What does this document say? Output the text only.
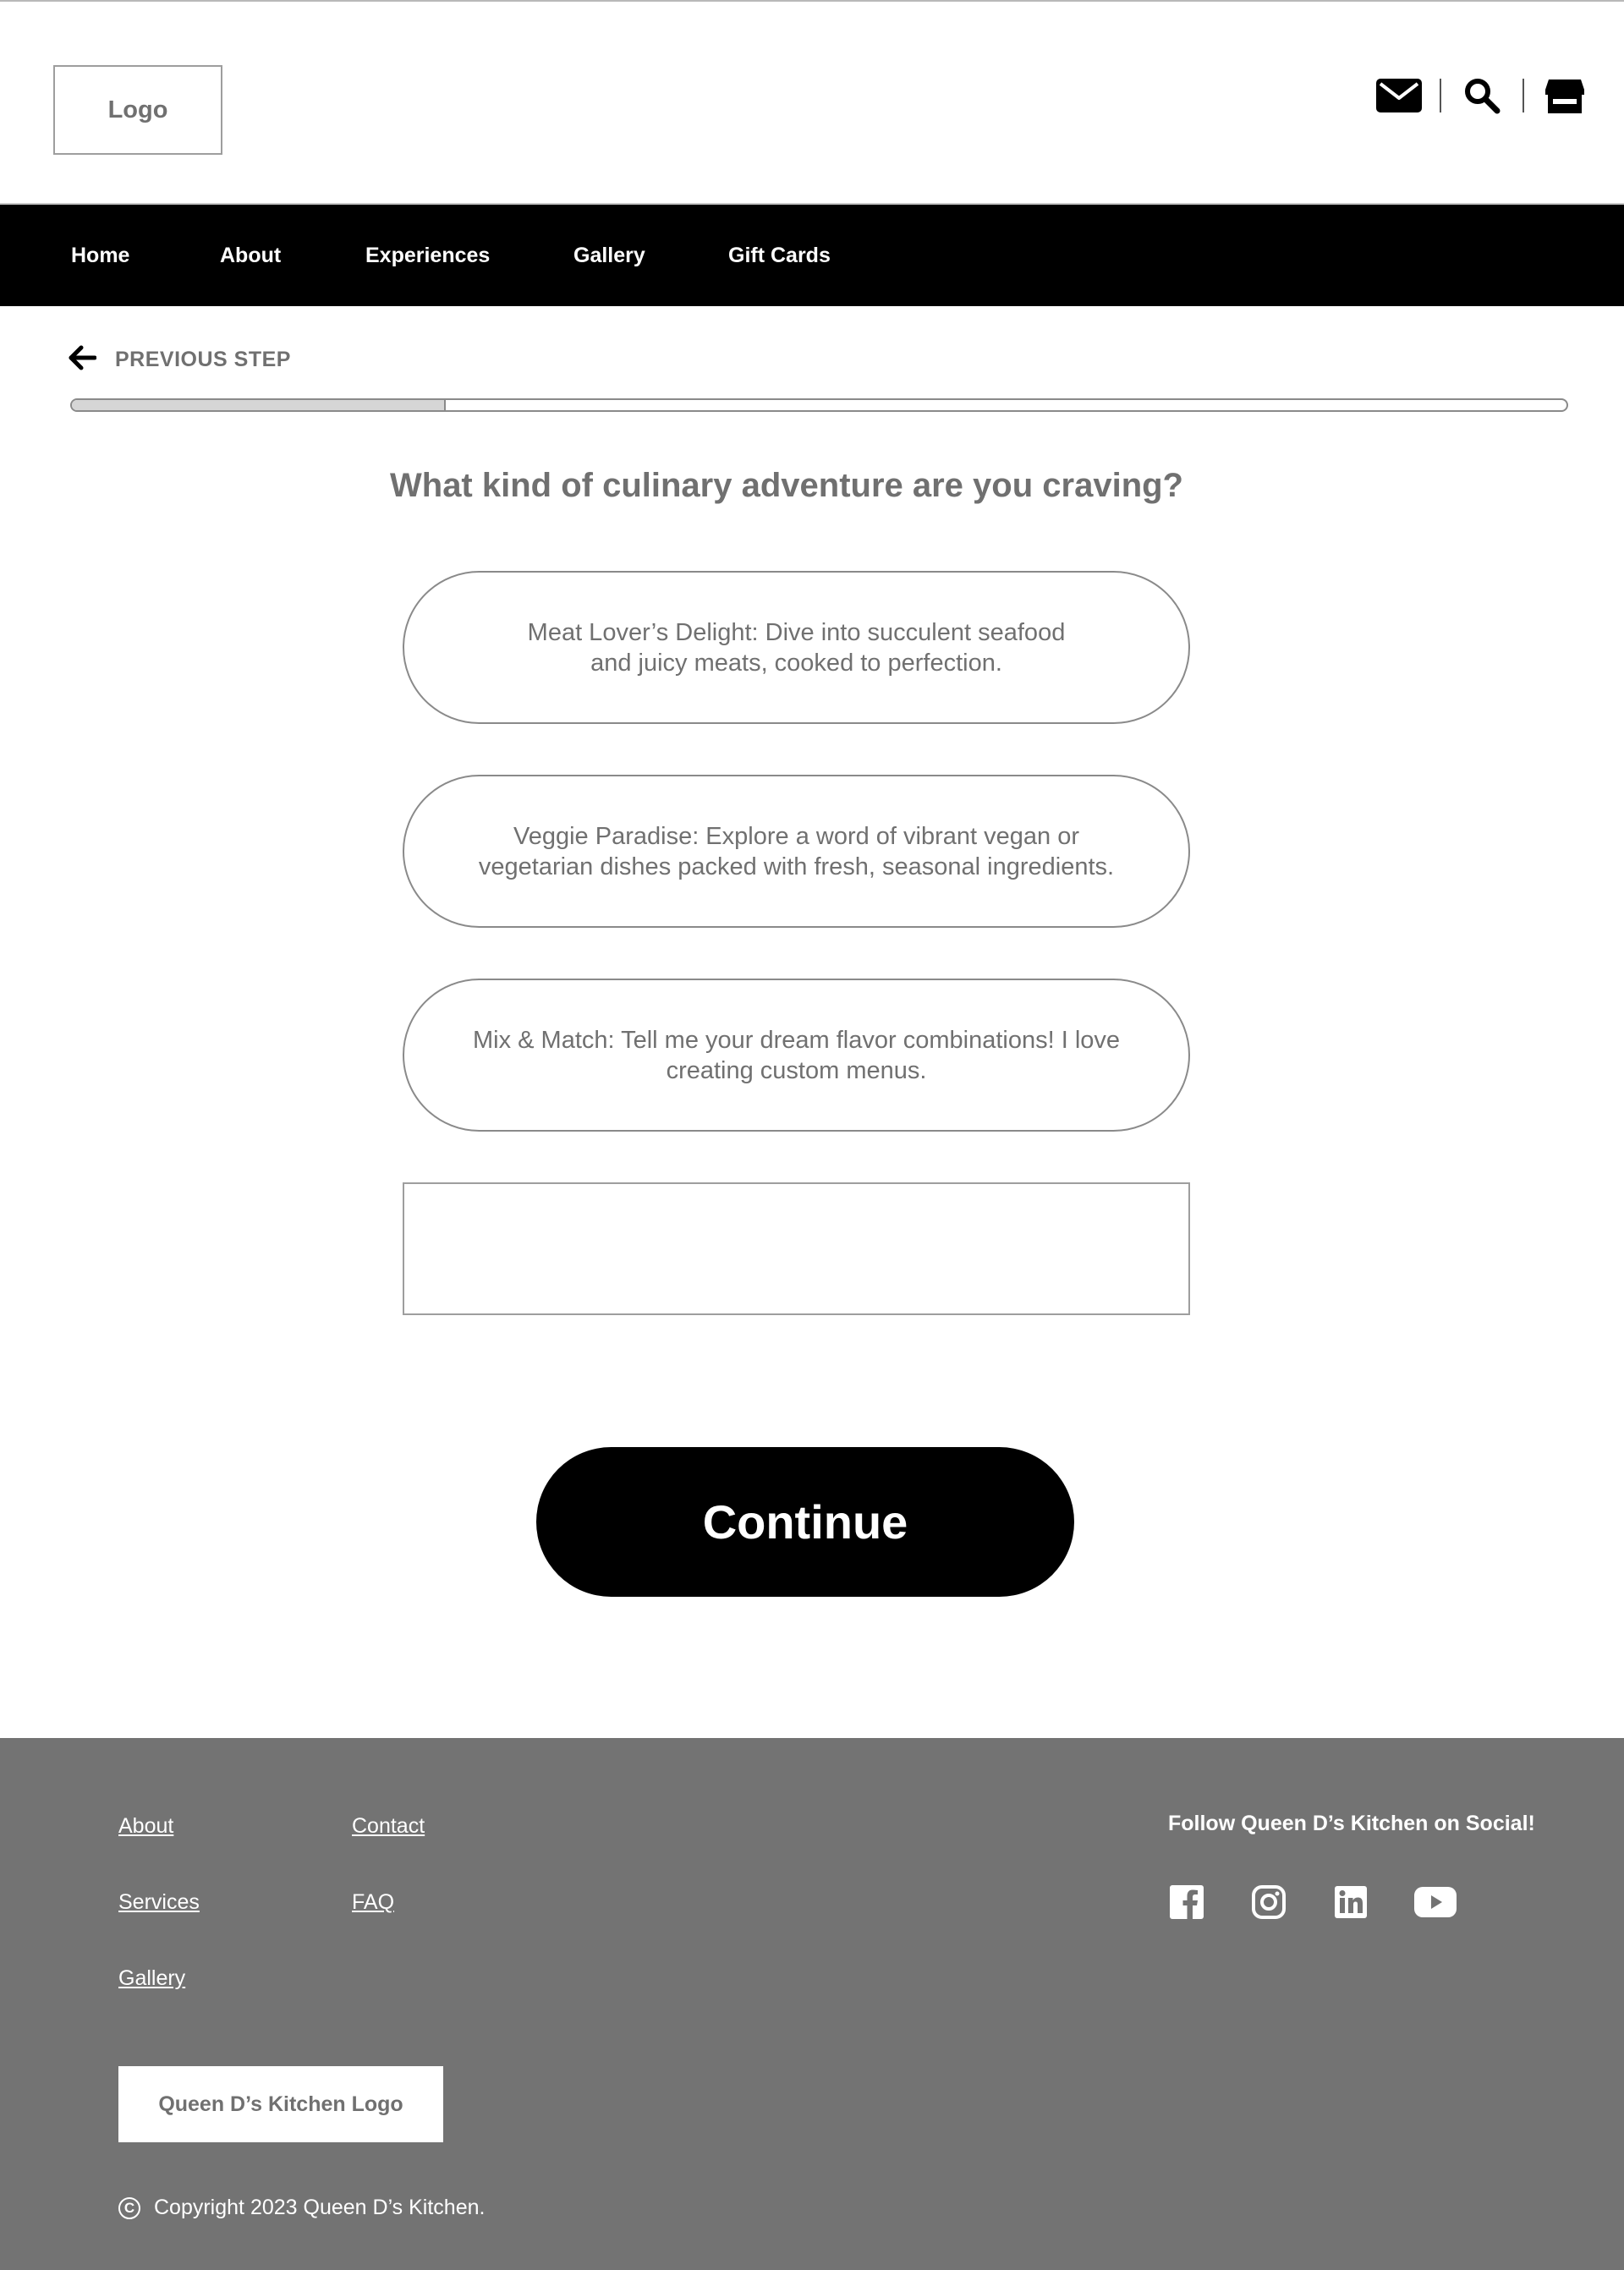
Logo
Home	About	Experiences	Gallery	Gift Cards
PREVIOUS STEP
What kind of culinary adventure are you craving?
Meat Lover’s Delight: Dive into succulent seafood
and juicy meats, cooked to perfection.
Veggie Paradise: Explore a word of vibrant vegan or
vegetarian dishes packed with fresh, seasonal ingredients.
Mix & Match: Tell me your dream flavor combinations! I love
creating custom menus.
Continue
About	Contact
Services	FAQ
Gallery
Follow Queen D’s Kitchen on Social!
Queen D’s Kitchen Logo
C Copyright 2023 Queen D’s Kitchen.
